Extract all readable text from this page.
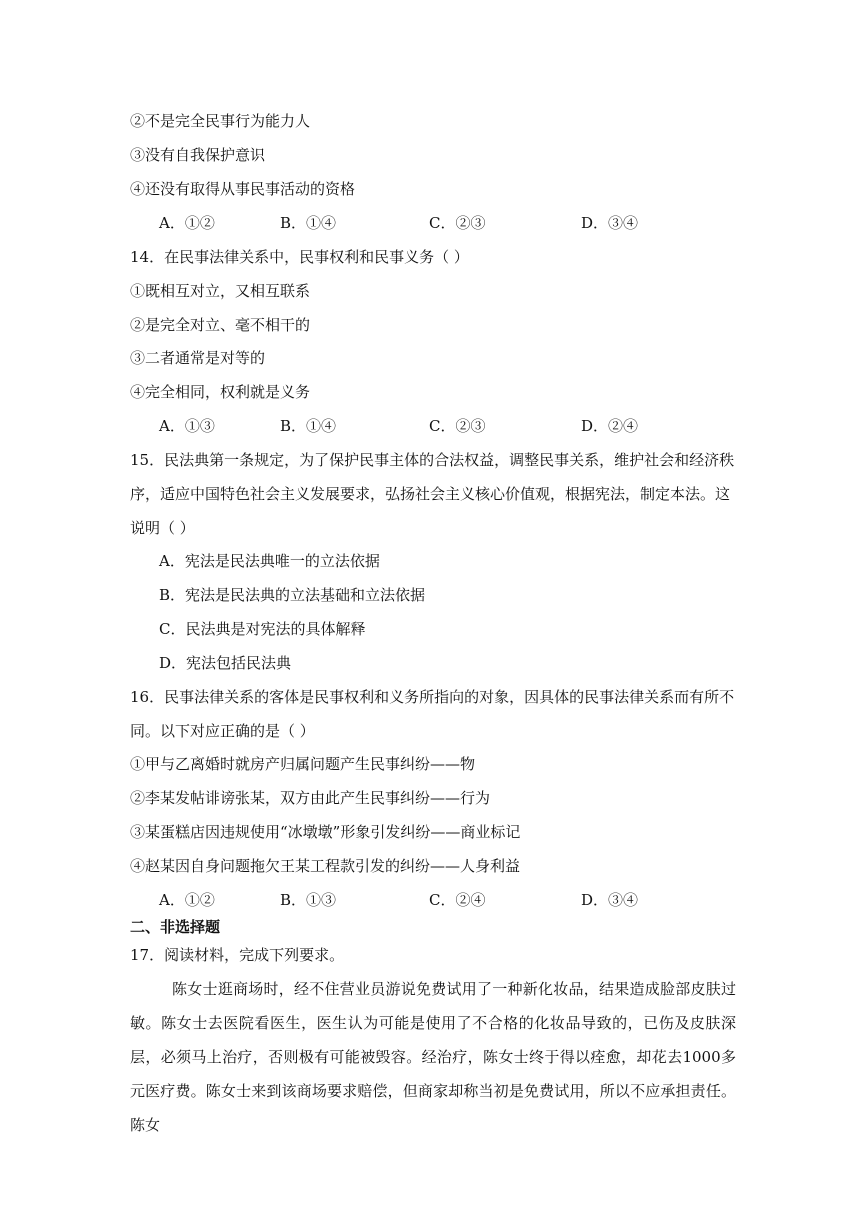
②不是完全民事行为能力人
③没有自我保护意识
④还没有取得从事民事活动的资格
A．①②	B．①④	C．②③	D．③④
14．在民事法律关系中，民事权利和民事义务（ ）
①既相互对立，又相互联系
②是完全对立、毫不相干的
③二者通常是对等的
④完全相同，权利就是义务
A．①③	B．①④	C．②③	D．②④
15．民法典第一条规定，为了保护民事主体的合法权益，调整民事关系，维护社会和经济秩
序，适应中国特色社会主义发展要求，弘扬社会主义核心价值观，根据宪法，制定本法。这
说明（ ）
A．宪法是民法典唯一的立法依据
B．宪法是民法典的立法基础和立法依据
C．民法典是对宪法的具体解释
D．宪法包括民法典
16．民事法律关系的客体是民事权利和义务所指向的对象，因具体的民事法律关系而有所不
同。以下对应正确的是（ ）
①甲与乙离婚时就房产归属问题产生民事纠纷——物
②李某发帖诽谤张某，双方由此产生民事纠纷——行为
③某蛋糕店因违规使用“冰墩墩”形象引发纠纷——商业标记
④赵某因自身问题拖欠王某工程款引发的纠纷——人身利益
A．①②	B．①③	C．②④	D．③④
二、非选择题
17．阅读材料，完成下列要求。

陈女士逛商场时，经不住营业员游说免费试用了一种新化妆品，结果造成脸部皮肤过敏。陈女士去医院看医生，医生认为可能是使用了不合格的化妆品导致的，已伤及皮肤深层，必须马上治疗，否则极有可能被毁容。经治疗，陈女士终于得以痊愈，却花去1000多元医疗费。陈女士来到该商场要求赔偿，但商家却称当初是免费试用，所以不应承担责任。陈女
